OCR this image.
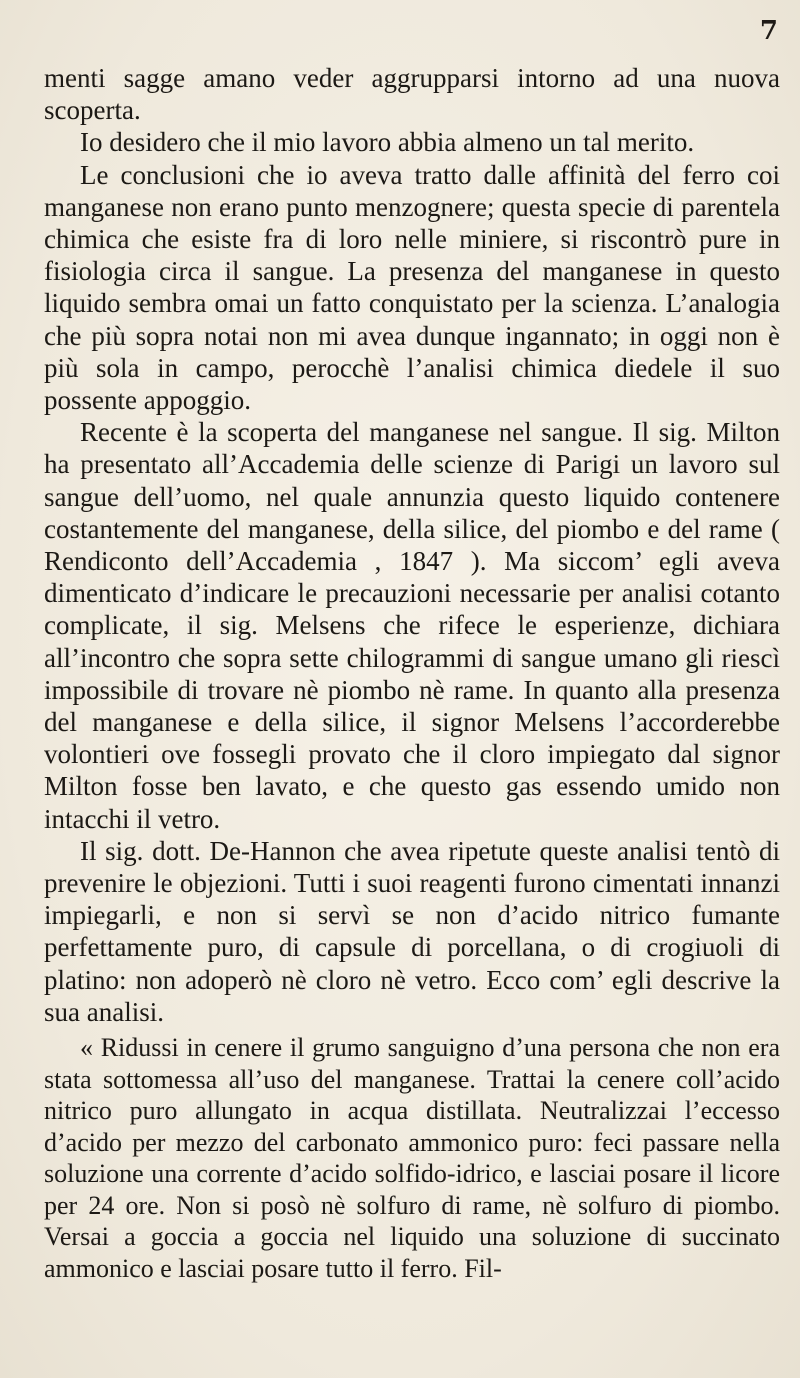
7

menti sagge amano veder aggrupparsi intorno ad una nuova scoperta.

Io desidero che il mio lavoro abbia almeno un tal merito.

Le conclusioni che io aveva tratto dalle affinità del ferro coi manganese non erano punto menzognere; questa specie di parentela chimica che esiste fra di loro nelle miniere, si riscontrò pure in fisiologia circa il sangue. La presenza del manganese in questo liquido sembra omai un fatto conquistato per la scienza. L’analogia che più sopra notai non mi avea dunque ingannato; in oggi non è più sola in campo, perocchè l’analisi chimica diedele il suo possente appoggio.

Recente è la scoperta del manganese nel sangue. Il sig. Milton ha presentato all’Accademia delle scienze di Parigi un lavoro sul sangue dell’uomo, nel quale annunzia questo liquido contenere costantemente del manganese, della silice, del piombo e del rame ( Rendiconto dell’Accademia , 1847 ). Ma siccom’ egli aveva dimenticato d’indicare le precauzioni necessarie per analisi cotanto complicate, il sig. Melsens che rifece le esperienze, dichiara all’incontro che sopra sette chilogrammi di sangue umano gli riescì impossibile di trovare nè piombo nè rame. In quanto alla presenza del manganese e della silice, il signor Melsens l’accorderebbe volontieri ove fossegli provato che il cloro impiegato dal signor Milton fosse ben lavato, e che questo gas essendo umido non intacchi il vetro.

Il sig. dott. De-Hannon che avea ripetute queste analisi tentò di prevenire le objezioni. Tutti i suoi reagenti furono cimentati innanzi impiegarli, e non si servì se non d’acido nitrico fumante perfettamente puro, di capsule di porcellana, o di crogiuoli di platino: non adoperò nè cloro nè vetro. Ecco com’ egli descrive la sua analisi.

« Ridussi in cenere il grumo sanguigno d’una persona che non era stata sottomessa all’uso del manganese. Trattai la cenere coll’acido nitrico puro allungato in acqua distillata. Neutralizzai l’eccesso d’acido per mezzo del carbonato ammonico puro: feci passare nella soluzione una corrente d’acido solfido-idrico, e lasciai posare il licore per 24 ore. Non si posò nè solfuro di rame, nè solfuro di piombo. Versai a goccia a goccia nel liquido una soluzione di succinato ammonico e lasciai posare tutto il ferro. Fil-
